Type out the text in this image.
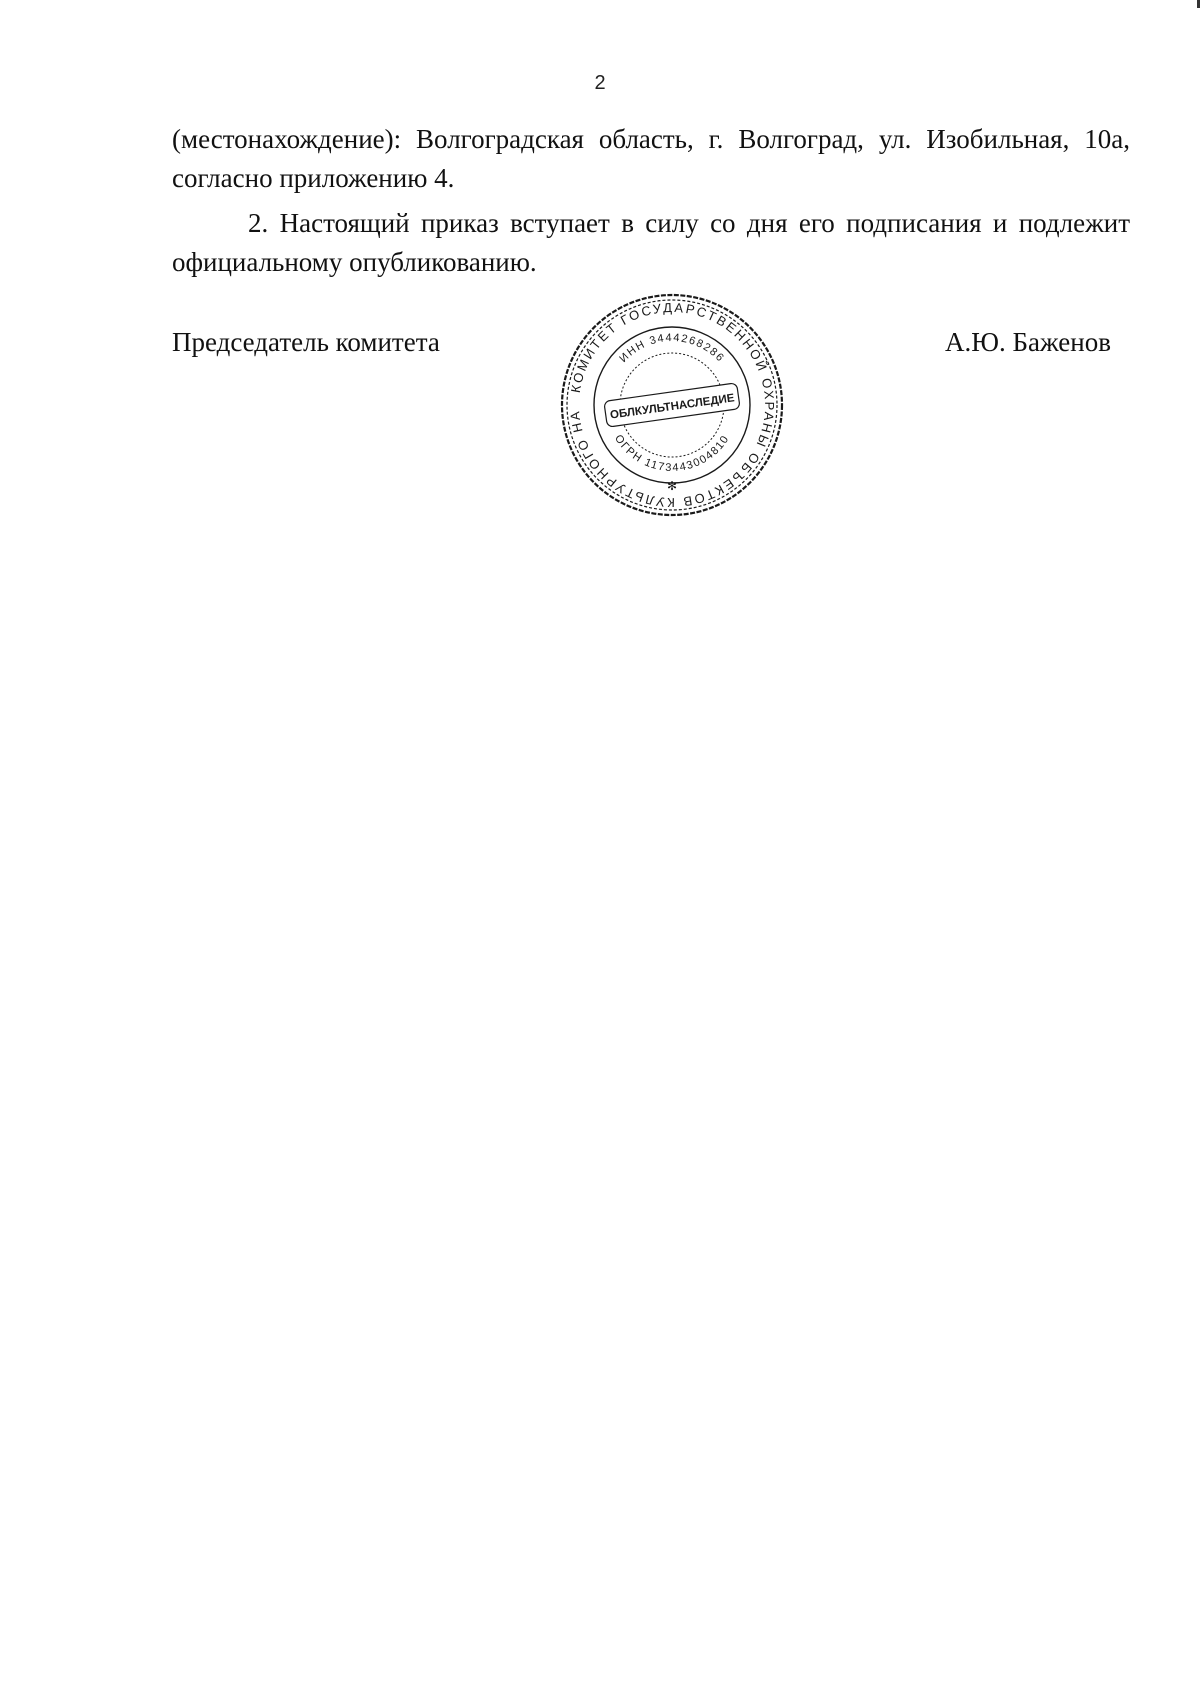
2

(местонахождение): Волгоградская область, г. Волгоград, ул. Изобильная, 10а, согласно приложению 4.

2. Настоящий приказ вступает в силу со дня его подписания и подлежит официальному опубликованию.

Председатель комитета
КОМИТЕТ ГОСУДАРСТВЕННОЙ ОХРАНЫ ОБЪЕКТОВ КУЛЬТУРНОГО НА
ИНН 3444268286
ОГРН 1173443004810
ОБЛКУЛЬТНАСЛЕДИЕ
✻
А.Ю. Баженов
